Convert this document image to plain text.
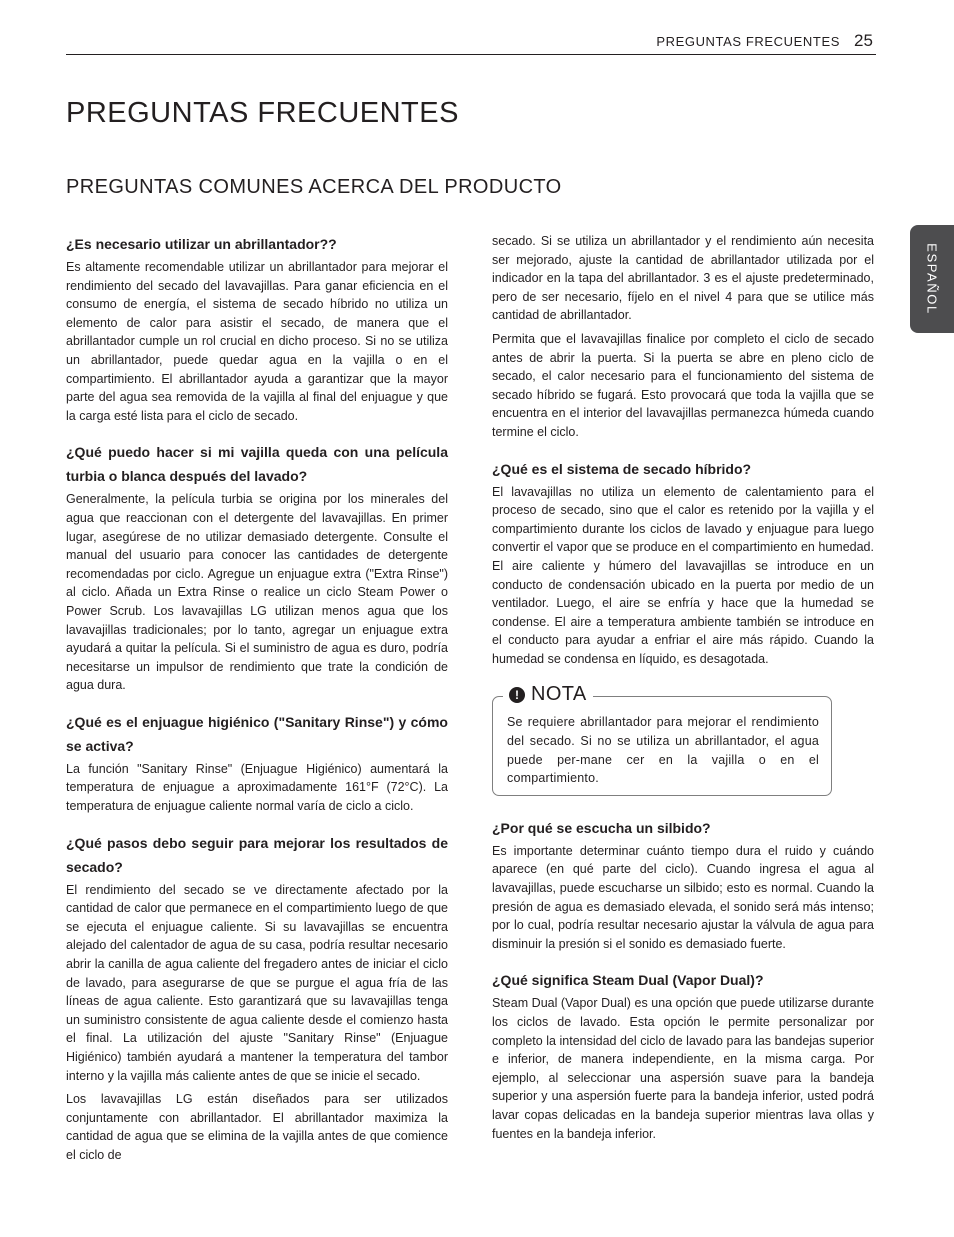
PREGUNTAS FRECUENTES 25
PREGUNTAS FRECUENTES
PREGUNTAS COMUNES ACERCA DEL PRODUCTO
ESPAÑOL

¿Es necesario utilizar un abrillantador??

Es altamente recomendable utilizar un abrillantador para mejorar el rendimiento del secado del lavavajillas. Para ganar eficiencia en el consumo de energía, el sistema de secado híbrido no utiliza un elemento de calor para asistir el secado, de manera que el abrillantador cumple un rol crucial en dicho proceso. Si no se utiliza un abrillantador, puede quedar agua en la vajilla o en el compartimiento. El abrillantador ayuda a garantizar que la mayor parte del agua sea removida de la vajilla al final del enjuague y que la carga esté lista para el ciclo de secado.

¿Qué puedo hacer si mi vajilla queda con una película turbia o blanca después del lavado?

Generalmente, la película turbia se origina por los minerales del agua que reaccionan con el detergente del lavavajillas. En primer lugar, asegúrese de no utilizar demasiado detergente. Consulte el manual del usuario para conocer las cantidades de detergente recomendadas por ciclo. Agregue un enjuague extra ("Extra Rinse") al ciclo. Añada un Extra Rinse o realice un ciclo Steam Power o Power Scrub. Los lavavajillas LG utilizan menos agua que los lavavajillas tradicionales; por lo tanto, agregar un enjuague extra ayudará a quitar la película. Si el suministro de agua es duro, podría necesitarse un impulsor de rendimiento que trate la condición de agua dura.

¿Qué es el enjuague higiénico ("Sanitary Rinse") y cómo se activa?

La función "Sanitary Rinse" (Enjuague Higiénico) aumentará la temperatura de enjuague a aproximadamente 161°F (72°C). La temperatura de enjuague caliente normal varía de ciclo a ciclo.

¿Qué pasos debo seguir para mejorar los resultados de secado?

El rendimiento del secado se ve directamente afectado por la cantidad de calor que permanece en el compartimiento luego de que se ejecuta el enjuague caliente. Si su lavavajillas se encuentra alejado del calentador de agua de su casa, podría resultar necesario abrir la canilla de agua caliente del fregadero antes de iniciar el ciclo de lavado, para asegurarse de que se purgue el agua fría de las líneas de agua caliente. Esto garantizará que su lavavajillas tenga un suministro consistente de agua caliente desde el comienzo hasta el final. La utilización del ajuste "Sanitary Rinse" (Enjuague Higiénico) también ayudará a mantener la temperatura del tambor interno y la vajilla más caliente antes de que se inicie el secado.

Los lavavajillas LG están diseñados para ser utilizados conjuntamente con abrillantador. El abrillantador maximiza la cantidad de agua que se elimina de la vajilla antes de que comience el ciclo de

secado. Si se utiliza un abrillantador y el rendimiento aún necesita ser mejorado, ajuste la cantidad de abrillantador utilizada por el indicador en la tapa del abrillantador. 3 es el ajuste predeterminado, pero de ser necesario, fíjelo en el nivel 4 para que se utilice más cantidad de abrillantador.

Permita que el lavavajillas finalice por completo el ciclo de secado antes de abrir la puerta. Si la puerta se abre en pleno ciclo de secado, el calor necesario para el funcionamiento del sistema de secado híbrido se fugará. Esto provocará que toda la vajilla que se encuentra en el interior del lavavajillas permanezca húmeda cuando termine el ciclo.

¿Qué es el sistema de secado híbrido?

El lavavajillas no utiliza un elemento de calentamiento para el proceso de secado, sino que el calor es retenido por la vajilla y el compartimiento durante los ciclos de lavado y enjuague para luego convertir el vapor que se produce en el compartimiento en humedad. El aire caliente y húmero del lavavajillas se introduce en un conducto de condensación ubicado en la puerta por medio de un ventilador. Luego, el aire se enfría y hace que la humedad se condense. El aire a temperatura ambiente también se introduce en el conducto para ayudar a enfriar el aire más rápido. Cuando la humedad se condensa en líquido, es desagotada.

! NOTA

Se requiere abrillantador para mejorar el rendimiento del secado. Si no se utiliza un abrillantador, el agua puede per-mane cer en la vajilla o en el compartimiento.

¿Por qué se escucha un silbido?

Es importante determinar cuánto tiempo dura el ruido y cuándo aparece (en qué parte del ciclo). Cuando ingresa el agua al lavavajillas, puede escucharse un silbido; esto es normal. Cuando la presión de agua es demasiado elevada, el sonido será más intenso; por lo cual, podría resultar necesario ajustar la válvula de agua para disminuir la presión si el sonido es demasiado fuerte.

¿Qué significa Steam Dual (Vapor Dual)?

Steam Dual (Vapor Dual) es una opción que puede utilizarse durante los ciclos de lavado. Esta opción le permite personalizar por completo la intensidad del ciclo de lavado para las bandejas superior e inferior, de manera independiente, en la misma carga. Por ejemplo, al seleccionar una aspersión suave para la bandeja superior y una aspersión fuerte para la bandeja inferior, usted podrá lavar copas delicadas en la bandeja superior mientras lava ollas y fuentes en la bandeja inferior.
